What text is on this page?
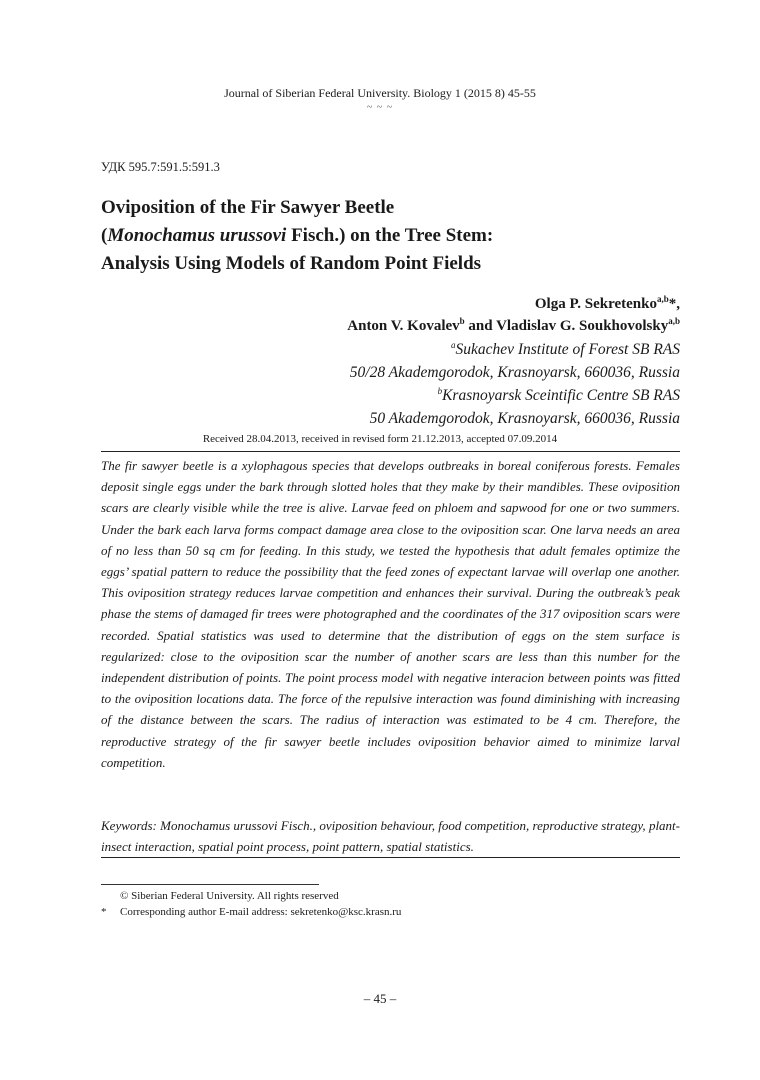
Journal of Siberian Federal University. Biology 1 (2015 8) 45-55
~ ~ ~
УДК 595.7:591.5:591.3
Oviposition of the Fir Sawyer Beetle
(Monochamus urussovi Fisch.) on the Tree Stem:
Analysis Using Models of Random Point Fields
Olga P. Sekretenko$^{a,b}$*,
Anton V. Kovalev$^b$ and Vladislav G. Soukhovolsky$^{a,b}$
$^a$Sukachev Institute of Forest SB RAS
50/28 Akademgorodok, Krasnoyarsk, 660036, Russia
$^b$Krasnoyarsk Sceintific Centre SB RAS
50 Akademgorodok, Krasnoyarsk, 660036, Russia
Received 28.04.2013, received in revised form 21.12.2013, accepted 07.09.2014
The fir sawyer beetle is a xylophagous species that develops outbreaks in boreal coniferous forests. Females deposit single eggs under the bark through slotted holes that they make by their mandibles. These oviposition scars are clearly visible while the tree is alive. Larvae feed on phloem and sapwood for one or two summers. Under the bark each larva forms compact damage area close to the oviposition scar. One larva needs an area of no less than 50 sq cm for feeding. In this study, we tested the hypothesis that adult females optimize the eggs’ spatial pattern to reduce the possibility that the feed zones of expectant larvae will overlap one another. This oviposition strategy reduces larvae competition and enhances their survival. During the outbreak’s peak phase the stems of damaged fir trees were photographed and the coordinates of the 317 oviposition scars were recorded. Spatial statistics was used to determine that the distribution of eggs on the stem surface is regularized: close to the oviposition scar the number of another scars are less than this number for the independent distribution of points. The point process model with negative interacion between points was fitted to the oviposition locations data. The force of the repulsive interaction was found diminishing with increasing of the distance between the scars. The radius of interaction was estimated to be 4 cm. Therefore, the reproductive strategy of the fir sawyer beetle includes oviposition behavior aimed to minimize larval competition.
Keywords: Monochamus urussovi Fisch., oviposition behaviour, food competition, reproductive strategy, plant-insect interaction, spatial point process, point pattern, spatial statistics.
© Siberian Federal University. All rights reserved
* Corresponding author E-mail address: sekretenko@ksc.krasn.ru
– 45 –
